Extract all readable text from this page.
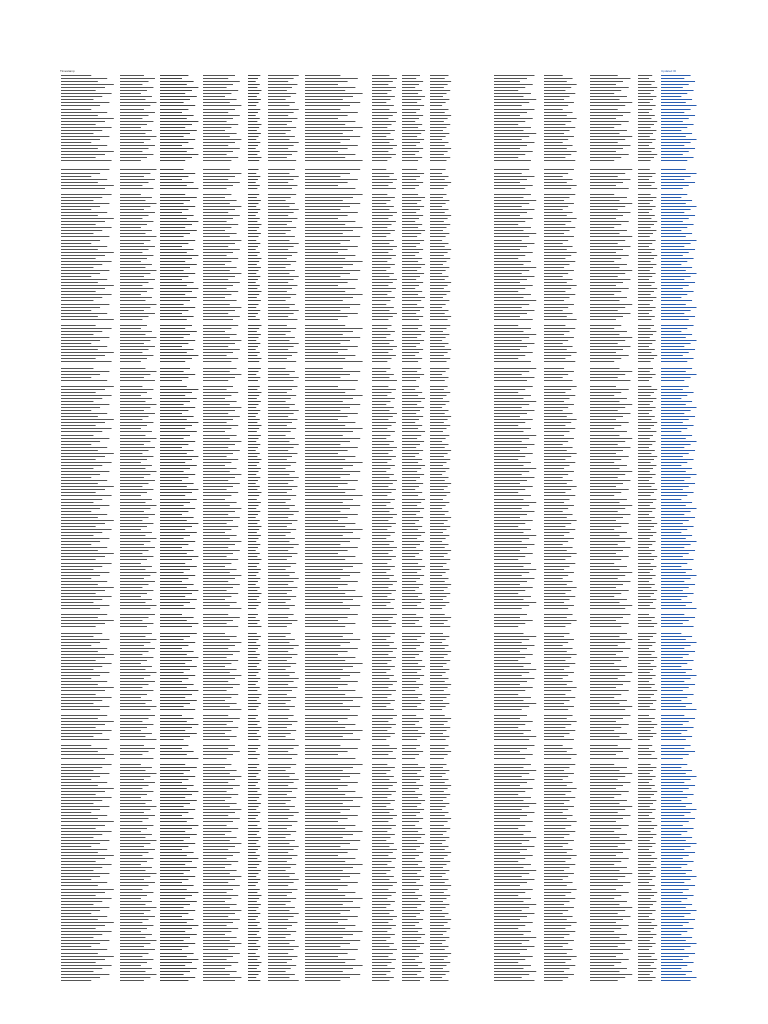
Timestamp	Updated ID
